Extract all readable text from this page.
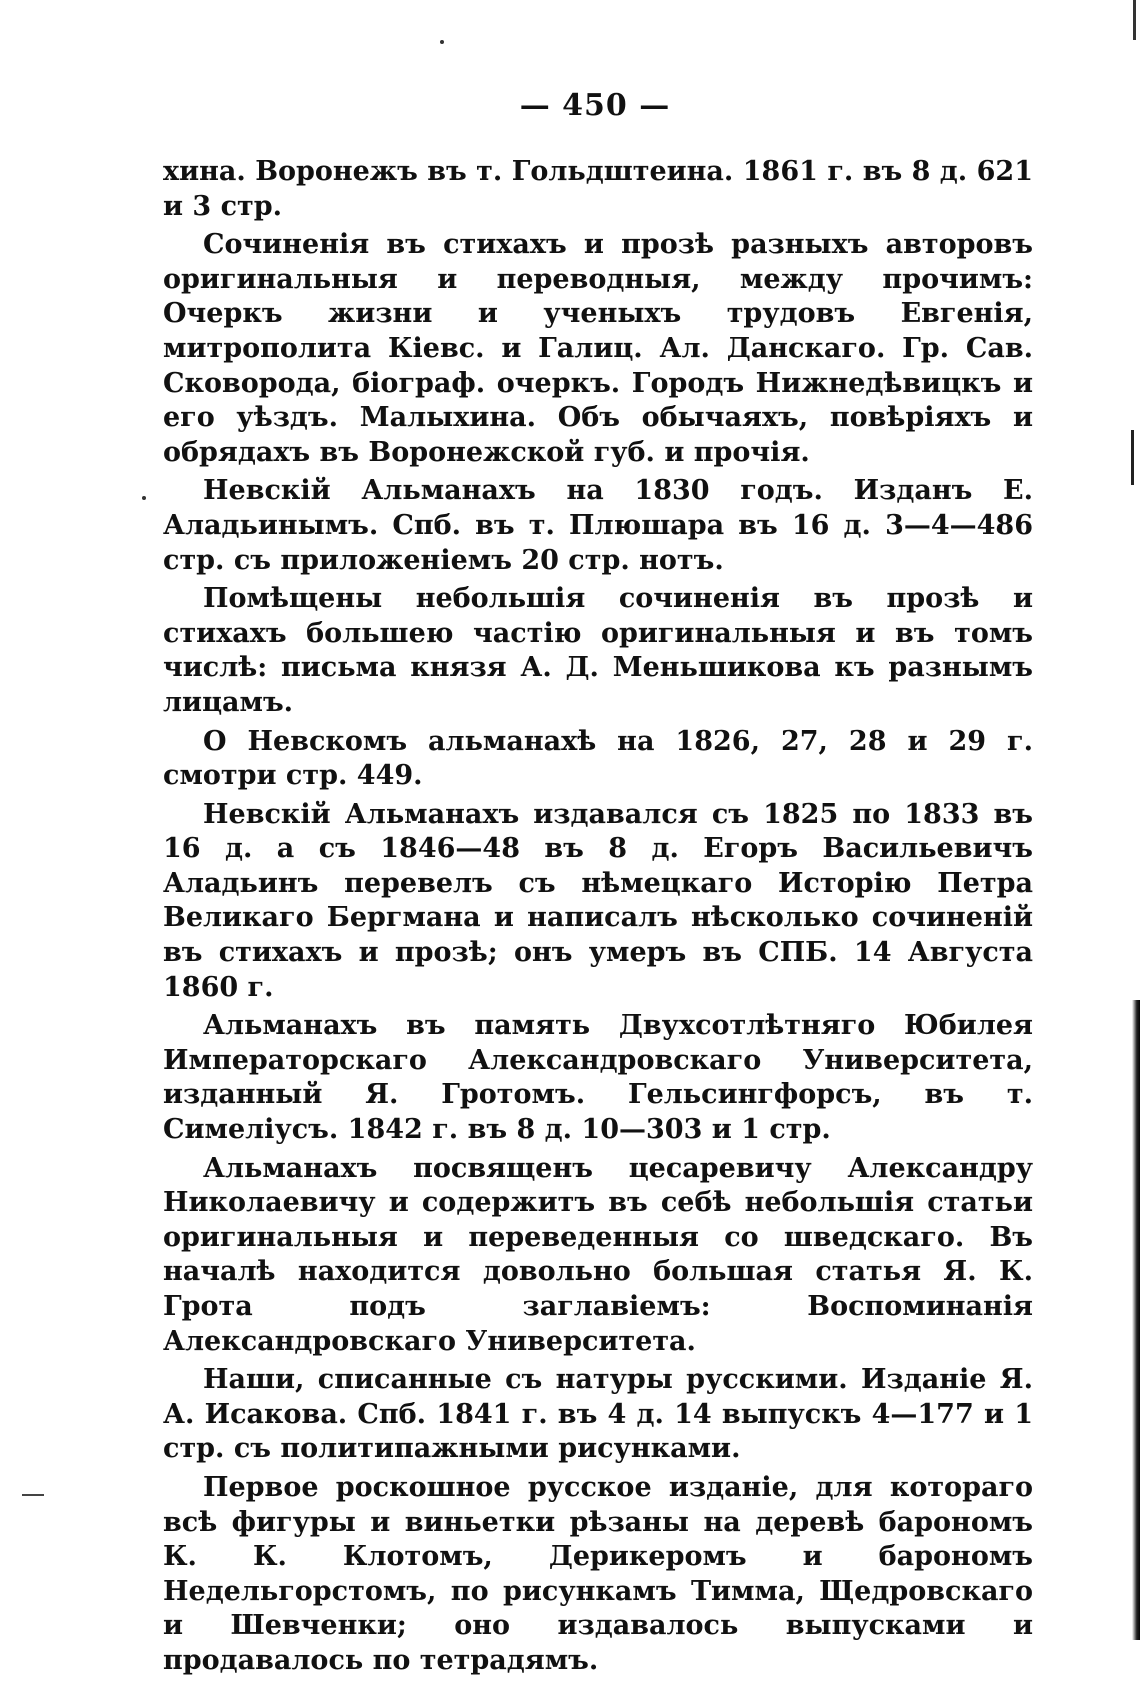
— 450 —

хина. Воронежъ въ т. Гольдштеина. 1861 г. въ 8 д. 621 и 3 стр.

Сочиненія въ стихахъ и прозѣ разныхъ авторовъ оригинальныя и переводныя, между прочимъ: Очеркъ жизни и ученыхъ трудовъ Евгенія, митрополита Кіевс. и Галиц. Ал. Данскаго. Гр. Сав. Сковорода, біограф. очеркъ. Городъ Нижнедѣвицкъ и его уѣздъ. Малыхина. Объ обычаяхъ, повѣріяхъ и обрядахъ въ Воронежской губ. и прочія.

Невскій Альманахъ на 1830 годъ. Изданъ Е. Аладьинымъ. Спб. въ т. Плюшара въ 16 д. 3—4—486 стр. съ приложеніемъ 20 стр. нотъ.

Помѣщены небольшія сочиненія въ прозѣ и стихахъ большею частію оригинальныя и въ томъ числѣ: письма князя А. Д. Меньшикова къ разнымъ лицамъ.

О Невскомъ альманахѣ на 1826, 27, 28 и 29 г. смотри стр. 449.

Невскій Альманахъ издавался съ 1825 по 1833 въ 16 д. а съ 1846—48 въ 8 д. Егоръ Васильевичъ Аладьинъ перевелъ съ нѣмецкаго Исторію Петра Великаго Бергмана и написалъ нѣсколько сочиненій въ стихахъ и прозѣ; онъ умеръ въ СПБ. 14 Августа 1860 г.

Альманахъ въ память Двухсотлѣтняго Юбилея Императорскаго Александровскаго Университета, изданный Я. Гротомъ. Гельсингфорсъ, въ т. Симеліусъ. 1842 г. въ 8 д. 10—303 и 1 стр.

Альманахъ посвященъ цесаревичу Александру Николаевичу и содержитъ въ себѣ небольшія статьи оригинальныя и переведенныя со шведскаго. Въ началѣ находится довольно большая статья Я. К. Грота подъ заглавіемъ: Воспоминанія Александровскаго Университета.

Наши, списанные съ натуры русскими. Изданіе Я. А. Исакова. Спб. 1841 г. въ 4 д. 14 выпускъ 4—177 и 1 стр. съ политипажными рисунками.

Первое роскошное русское изданіе, для котораго всѣ фигуры и виньетки рѣзаны на деревѣ барономъ К. К. Клотомъ, Дерикеромъ и барономъ Недельгорстомъ, по рисункамъ Тимма, Щедровскаго и Шевченки; оно издавалось выпусками и продавалось по тетрадямъ.
